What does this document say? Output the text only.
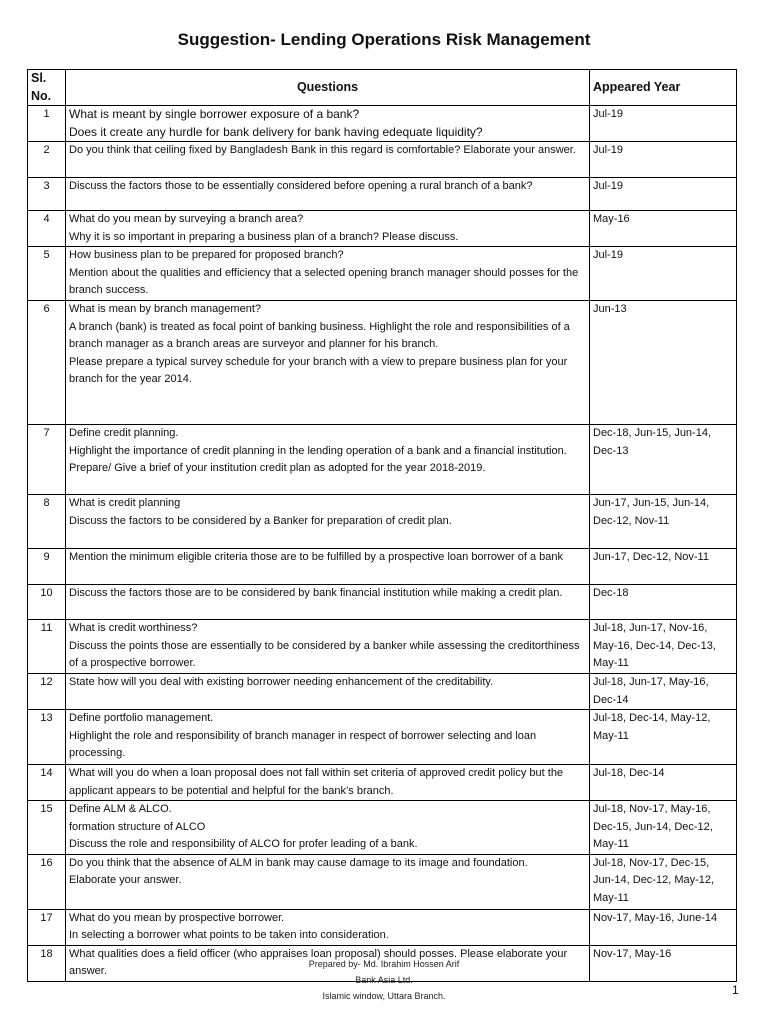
Suggestion- Lending Operations Risk Management
Sl. No.	Questions	Appeared Year
1	What is meant by single borrower exposure of a bank?
Does it create any hurdle for bank delivery for bank having edequate liquidity?	Jul-19
2	Do you think that ceiling fixed by Bangladesh Bank in this regard is comfortable? Elaborate your answer.	Jul-19
3	Discuss the factors those to be essentially considered before opening a rural branch of a bank?	Jul-19
4	What do you mean by surveying a branch area?
Why it is so important in preparing a business plan of a branch? Please discuss.	May-16
5	How business plan to be prepared for proposed branch?
Mention about the qualities and efficiency that a selected opening branch manager should posses for the branch success.	Jul-19
6	What is mean by branch management?
A branch (bank) is treated as focal point of banking business. Highlight the role and responsibilities of a branch manager as a branch areas are surveyor and planner for his branch.
Please prepare a typical survey schedule for your branch with a view to prepare business plan for your branch for the year 2014.	Jun-13
7	Define credit planning.
Highlight the importance of credit planning in the lending operation of a bank and a financial institution.
Prepare/ Give a brief of your institution credit plan as adopted for the year 2018-2019.	Dec-18, Jun-15, Jun-14, Dec-13
8	What is credit planning
Discuss the factors to be considered by a Banker for preparation of credit plan.	Jun-17, Jun-15, Jun-14, Dec-12, Nov-11
9	Mention the minimum eligible criteria those are to be fulfilled by a prospective loan borrower of a bank	Jun-17, Dec-12, Nov-11
10	Discuss the factors those are to be considered by bank financial institution while making a credit plan.	Dec-18
11	What is credit worthiness?
Discuss the points those are essentially to be considered by a banker while assessing the creditorthiness of a prospective borrower.	Jul-18, Jun-17, Nov-16, May-16, Dec-14, Dec-13, May-11
12	State how will you deal with existing borrower needing enhancement of the creditability.	Jul-18, Jun-17, May-16, Dec-14
13	Define portfolio management.
Highlight the role and responsibility of branch manager in respect of borrower selecting and loan processing.	Jul-18, Dec-14, May-12, May-11
14	What will you do when a loan proposal does not fall within set criteria of approved credit policy but the applicant appears to be potential and helpful for the bank’s branch.	Jul-18, Dec-14
15	Define ALM & ALCO.
formation structure of ALCO
Discuss the role and responsibility of ALCO for profer leading of a bank.	Jul-18, Nov-17, May-16, Dec-15, Jun-14, Dec-12, May-11
16	Do you think that the absence of ALM in bank may cause damage to its image and foundation.
Elaborate your answer.	Jul-18, Nov-17, Dec-15, Jun-14, Dec-12, May-12, May-11
17	What do you mean by prospective borrower.
In selecting a borrower what points to be taken into consideration.	Nov-17, May-16, June-14
18	What qualities does a field officer (who appraises loan proposal) should posses. Please elaborate your answer.	Nov-17, May-16
Prepared by- Md. Ibrahim Hossen Arif
Bank Asia Ltd.
Islamic window, Uttara Branch.	1
